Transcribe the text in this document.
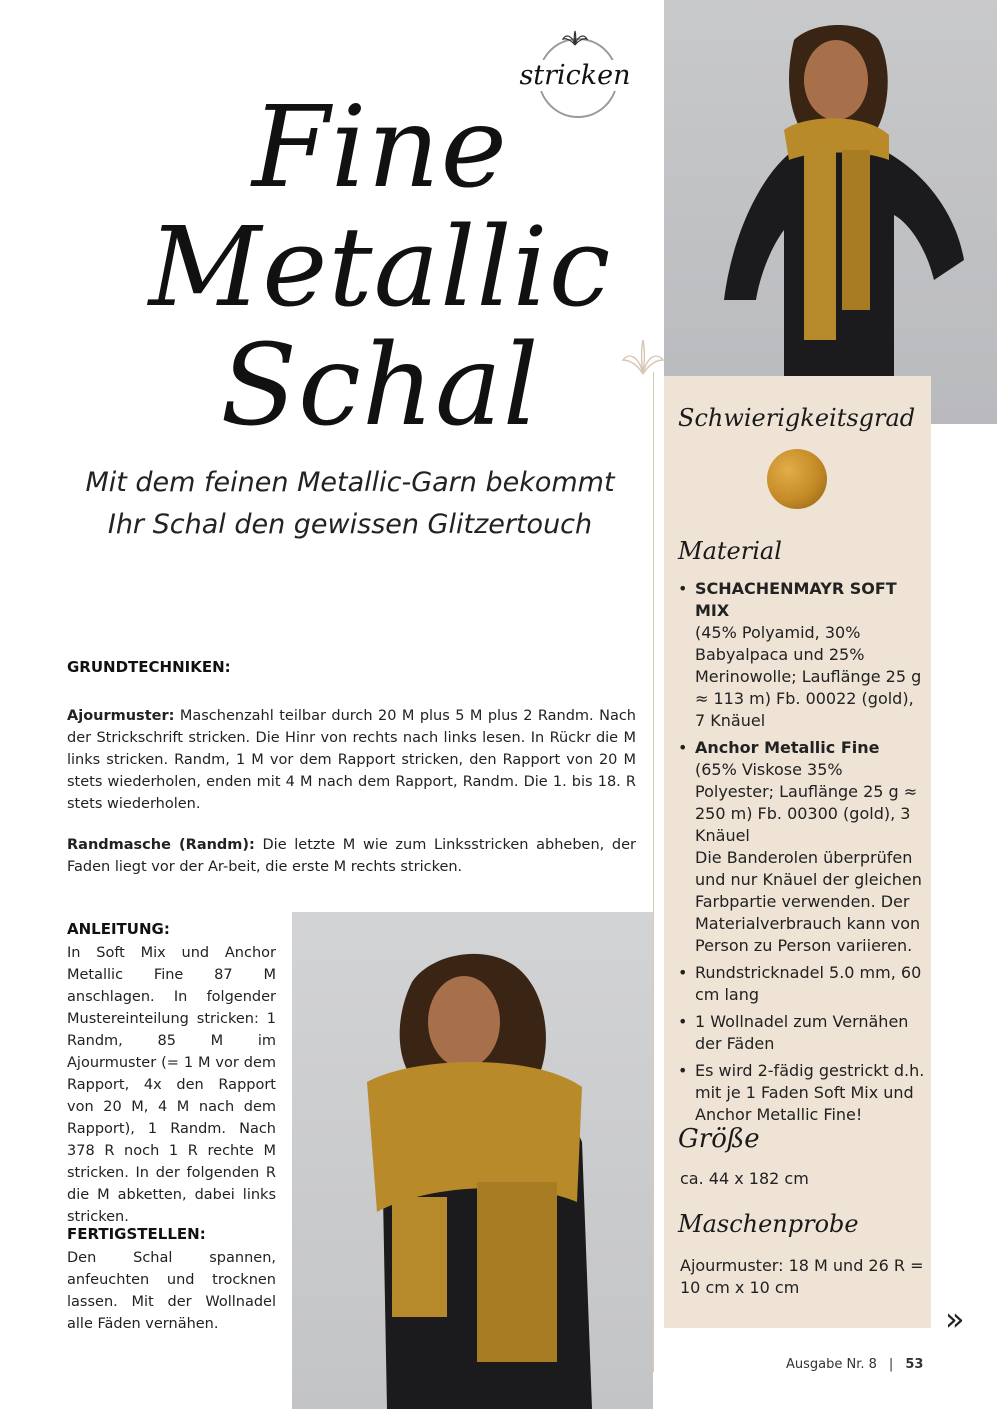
stricken
Fine
Metallic
Schal
Mit dem feinen Metallic-Garn bekommt
Ihr Schal den gewissen Glitzertouch
GRUNDTECHNIKEN:
Ajourmuster: Maschenzahl teilbar durch 20 M plus 5 M plus 2 Randm. Nach der Strickschrift stricken. Die Hinr von rechts nach links lesen. In Rückr die M links stricken. Randm, 1 M vor dem Rapport stricken, den Rapport von 20 M stets wiederholen, enden mit 4 M nach dem Rapport, Randm. Die 1. bis 18. R stets wiederholen.
Randmasche (Randm): Die letzte M wie zum Linksstricken abheben, der Faden liegt vor der Ar-beit, die erste M rechts stricken.
ANLEITUNG:
In Soft Mix und Anchor Metallic Fine 87 M anschlagen. In folgender Mustereinteilung stricken: 1 Randm, 85 M im Ajourmuster (= 1 M vor dem Rapport, 4x den Rapport von 20 M, 4 M nach dem Rapport), 1 Randm. Nach 378 R noch 1 R rechte M stricken. In der folgenden R die M abketten, dabei links stricken.
FERTIGSTELLEN:
Den Schal spannen, anfeuchten und trocknen lassen. Mit der Wollnadel alle Fäden vernähen.
Schwierigkeitsgrad
Material
• SCHACHENMAYR SOFT MIX
(45% Polyamid, 30% Babyalpaca und 25% Merinowolle; Lauflänge 25 g ≈ 113 m) Fb. 00022 (gold), 7 Knäuel
• Anchor Metallic Fine
(65% Viskose 35% Polyester; Lauflänge 25 g ≈ 250 m) Fb. 00300 (gold), 3 Knäuel
Die Banderolen überprüfen und nur Knäuel der gleichen Farbpartie verwenden. Der Materialverbrauch kann von Person zu Person variieren.
• Rundstricknadel 5.0 mm, 60 cm lang
• 1 Wollnadel zum Vernähen der Fäden
• Es wird 2-fädig gestrickt d.h. mit je 1 Faden Soft Mix und Anchor Metallic Fine!
Größe
ca. 44 x 182 cm
Maschenprobe
Ajourmuster: 18 M und 26 R = 10 cm x 10 cm
»
Ausgabe Nr. 8 | 53
